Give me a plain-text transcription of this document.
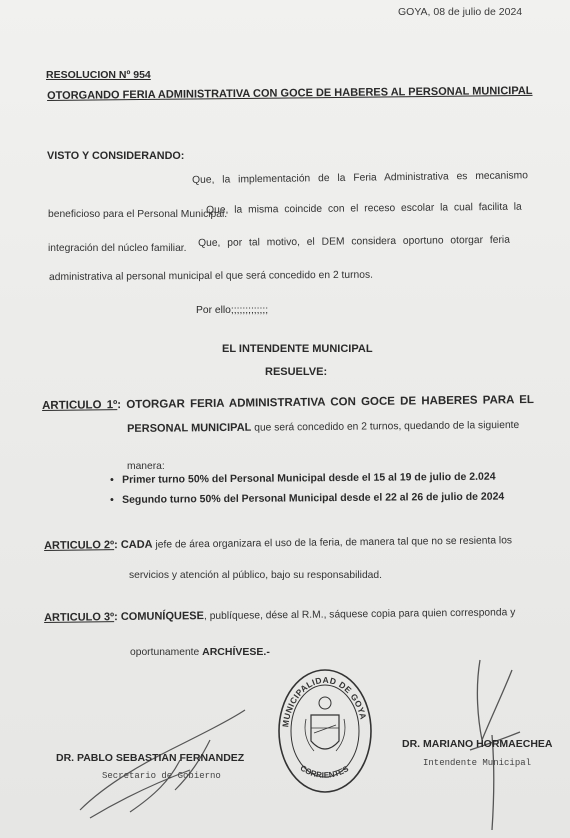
GOYA, 08 de julio de 2024
RESOLUCION Nº 954
OTORGANDO FERIA ADMINISTRATIVA CON GOCE DE HABERES AL PERSONAL MUNICIPAL
VISTO Y CONSIDERANDO:
Que, la implementación de la Feria Administrativa es mecanismo
beneficioso para el Personal Municipal.
Que, la misma coincide con el receso escolar la cual facilita la
integración del núcleo familiar. Que, por tal motivo, el DEM considera oportuno otorgar feria
administrativa al personal municipal el que será concedido en 2 turnos.
Por ello;;;;;;;;;;;;;
EL INTENDENTE MUNICIPAL
RESUELVE:
ARTICULO 1º: OTORGAR FERIA ADMINISTRATIVA CON GOCE DE HABERES PARA EL
PERSONAL MUNICIPAL que será concedido en 2 turnos, quedando de la siguiente
manera:
• Primer turno 50% del Personal Municipal desde el 15 al 19 de julio de 2.024
• Segundo turno 50% del Personal Municipal desde el 22 al 26 de julio de 2024
ARTICULO 2º: CADA jefe de área organizara el uso de la feria, de manera tal que no se resienta los
servicios y atención al público, bajo su responsabilidad.
ARTICULO 3º: COMUNÍQUESE, publíquese, dése al R.M., sáquese copia para quien corresponda y
oportunamente ARCHÍVESE.-
MUNICIPALIDAD DE GOYA
CORRIENTES
DR. PABLO SEBASTIAN FERNANDEZ
Secretario de Gobierno
DR. MARIANO HORMAECHEA
Intendente Municipal
